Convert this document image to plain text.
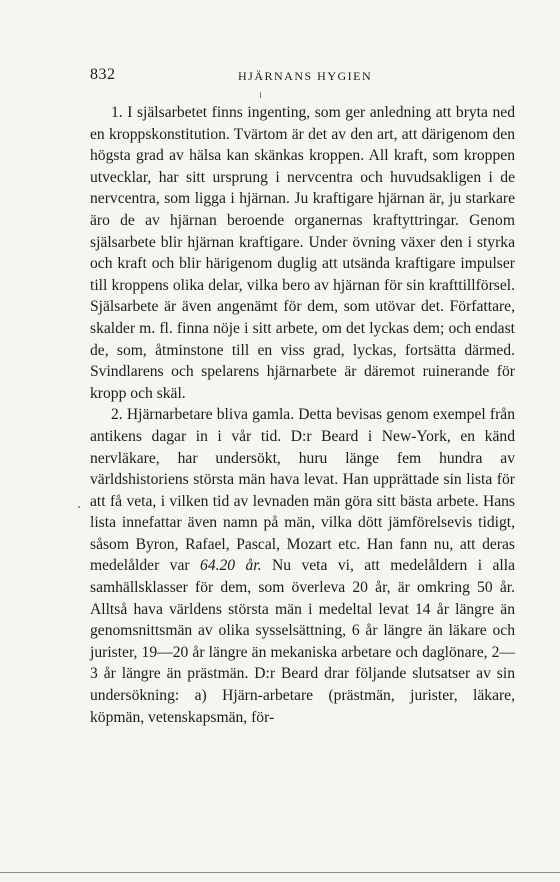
832	HJÄRNANS HYGIEN

1. I själsarbetet finns ingenting, som ger anledning att bryta ned en kroppskonstitution. Tvärtom är det av den art, att därigenom den högsta grad av hälsa kan skänkas kroppen. All kraft, som kroppen utvecklar, har sitt ursprung i nervcentra och huvudsakligen i de nervcentra, som ligga i hjärnan. Ju kraftigare hjärnan är, ju starkare äro de av hjärnan beroende organernas kraftyttringar. Genom själsarbete blir hjärnan kraftigare. Under övning växer den i styrka och kraft och blir härigenom duglig att utsända kraftigare impulser till kroppens olika delar, vilka bero av hjärnan för sin krafttillförsel. Själsarbete är även angenämt för dem, som utövar det. Författare, skalder m. fl. finna nöje i sitt arbete, om det lyckas dem; och endast de, som, åtminstone till en viss grad, lyckas, fortsätta därmed. Svindlarens och spelarens hjärnarbete är däremot ruinerande för kropp och skäl.

2. Hjärnarbetare bliva gamla. Detta bevisas genom exempel från antikens dagar in i vår tid. D:r Beard i New-York, en känd nervläkare, har undersökt, huru länge fem hundra av världshistoriens största män hava levat. Han upprättade sin lista för att få veta, i vilken tid av levnaden män göra sitt bästa arbete. Hans lista innefattar även namn på män, vilka dött jämförelsevis tidigt, såsom Byron, Rafael, Pascal, Mozart etc. Han fann nu, att deras medelålder var 64.20 år. Nu veta vi, att medelåldern i alla samhällsklasser för dem, som överleva 20 år, är omkring 50 år. Alltså hava världens största män i medeltal levat 14 år längre än genomsnittsmän av olika sysselsättning, 6 år längre än läkare och jurister, 19—20 år längre än mekaniska arbetare och daglönare, 2—3 år längre än prästmän. D:r Beard drar följande slutsatser av sin undersökning: a) Hjärn-arbetare (prästmän, jurister, läkare, köpmän, vetenskapsmän, för-
